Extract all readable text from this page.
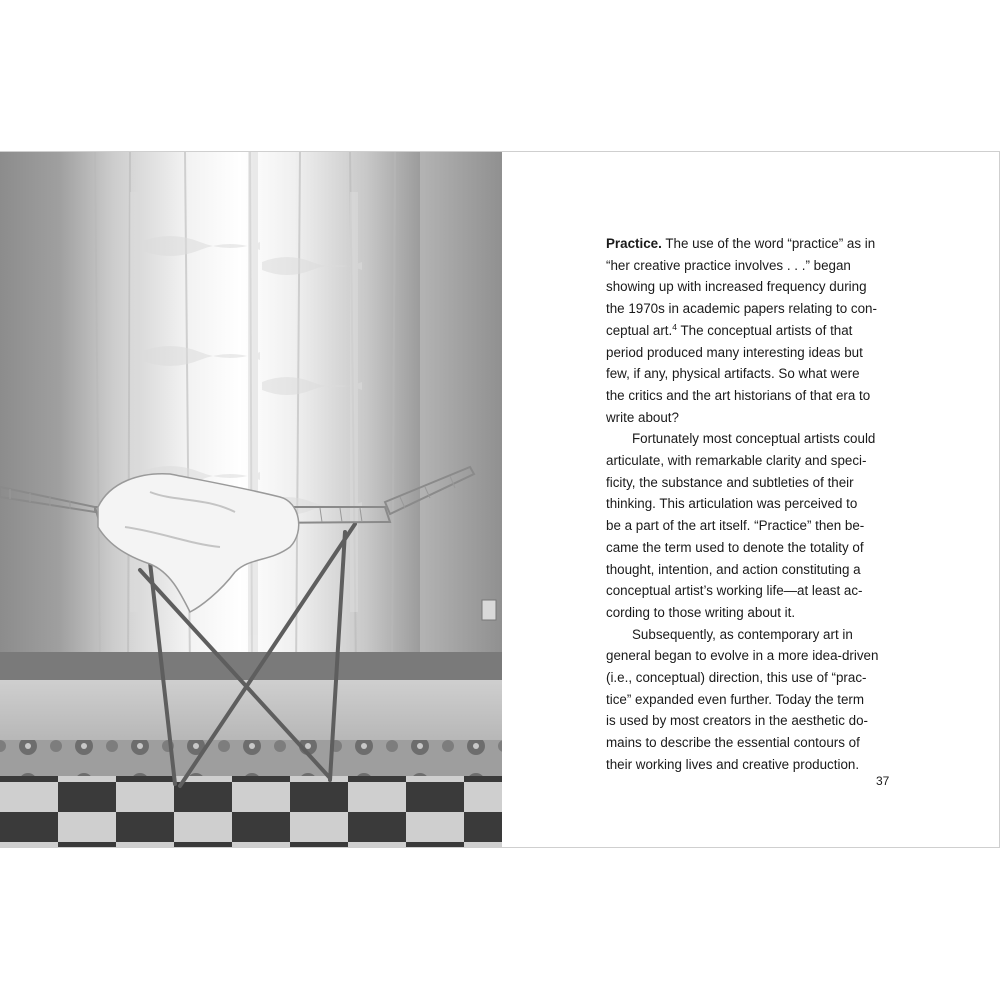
Practice. The use of the word “practice” as in
“her creative practice involves . . .” began
showing up with increased frequency during
the 1970s in academic papers relating to con-
ceptual art.$^4$ The conceptual artists of that
period produced many interesting ideas but
few, if any, physical artifacts. So what were
the critics and the art historians of that era to
write about?

Fortunately most conceptual artists could
articulate, with remarkable clarity and speci-
ficity, the substance and subtleties of their
thinking. This articulation was perceived to
be a part of the art itself. “Practice” then be-
came the term used to denote the totality of
thought, intention, and action constituting a
conceptual artist’s working life—at least ac-
cording to those writing about it.

Subsequently, as contemporary art in
general began to evolve in a more idea-driven
(i.e., conceptual) direction, this use of “prac-
tice” expanded even further. Today the term
is used by most creators in the aesthetic do-
mains to describe the essential contours of
their working lives and creative production.

37
